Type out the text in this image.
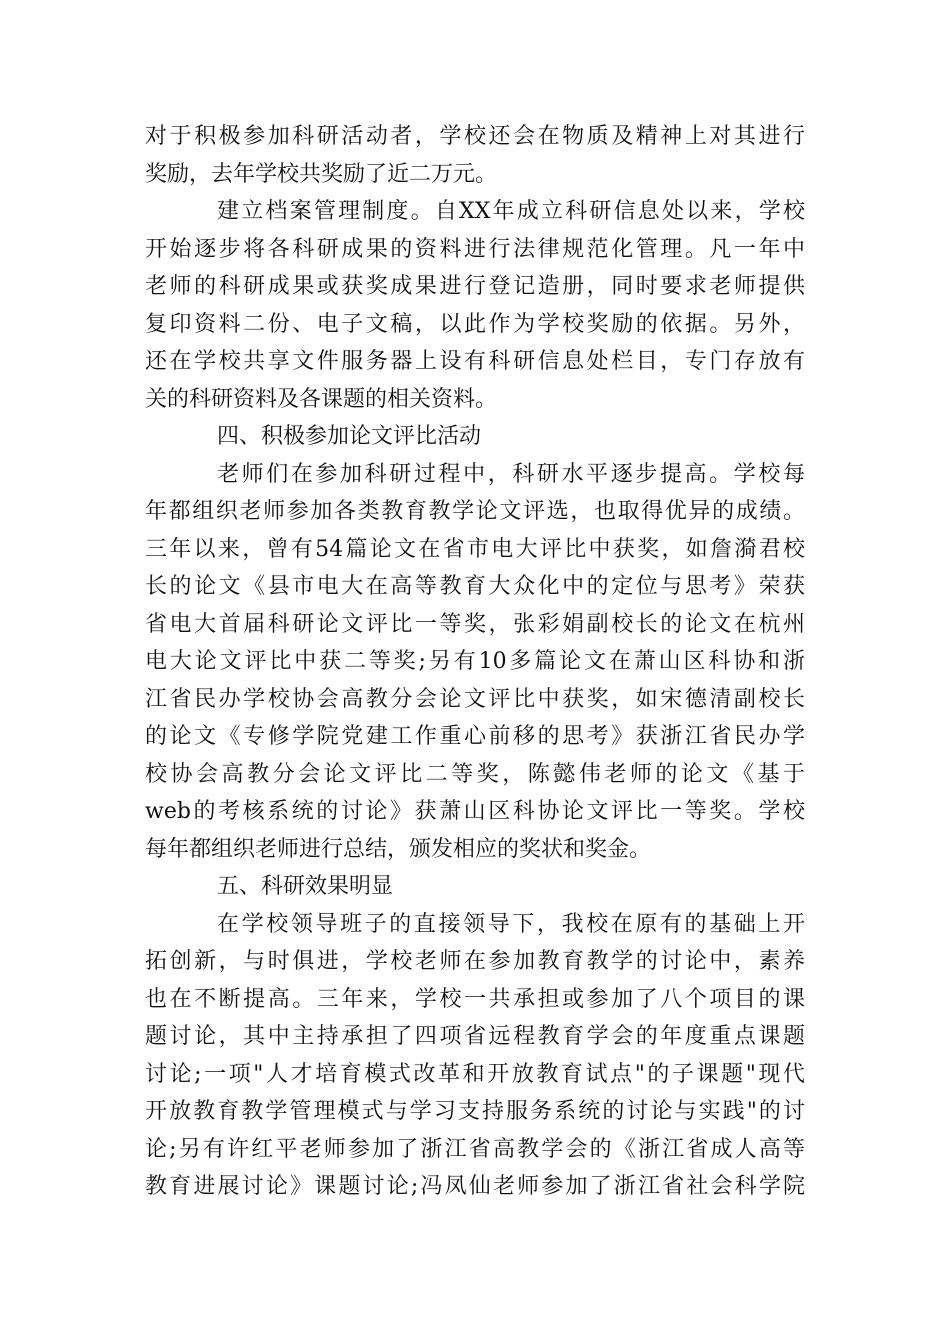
对于积极参加科研活动者，学校还会在物质及精神上对其进行
奖励，去年学校共奖励了近二万元。
建立档案管理制度。自XX年成立科研信息处以来，学校
开始逐步将各科研成果的资料进行法律规范化管理。凡一年中
老师的科研成果或获奖成果进行登记造册，同时要求老师提供
复印资料二份、电子文稿，以此作为学校奖励的依据。另外，
还在学校共享文件服务器上设有科研信息处栏目，专门存放有
关的科研资料及各课题的相关资料。
四、积极参加论文评比活动
老师们在参加科研过程中，科研水平逐步提高。学校每
年都组织老师参加各类教育教学论文评选，也取得优异的成绩。
三年以来，曾有54篇论文在省市电大评比中获奖，如詹漪君校
长的论文《县市电大在高等教育大众化中的定位与思考》荣获
省电大首届科研论文评比一等奖，张彩娟副校长的论文在杭州
电大论文评比中获二等奖;另有10多篇论文在萧山区科协和浙
江省民办学校协会高教分会论文评比中获奖，如宋德清副校长
的论文《专修学院党建工作重心前移的思考》获浙江省民办学
校协会高教分会论文评比二等奖，陈懿伟老师的论文《基于
web的考核系统的讨论》获萧山区科协论文评比一等奖。学校
每年都组织老师进行总结，颁发相应的奖状和奖金。
五、科研效果明显
在学校领导班子的直接领导下，我校在原有的基础上开
拓创新，与时俱进，学校老师在参加教育教学的讨论中，素养
也在不断提高。三年来，学校一共承担或参加了八个项目的课
题讨论，其中主持承担了四项省远程教育学会的年度重点课题
讨论;一项"人才培育模式改革和开放教育试点"的子课题"现代
开放教育教学管理模式与学习支持服务系统的讨论与实践"的讨
论;另有许红平老师参加了浙江省高教学会的《浙江省成人高等
教育进展讨论》课题讨论;冯凤仙老师参加了浙江省社会科学院
